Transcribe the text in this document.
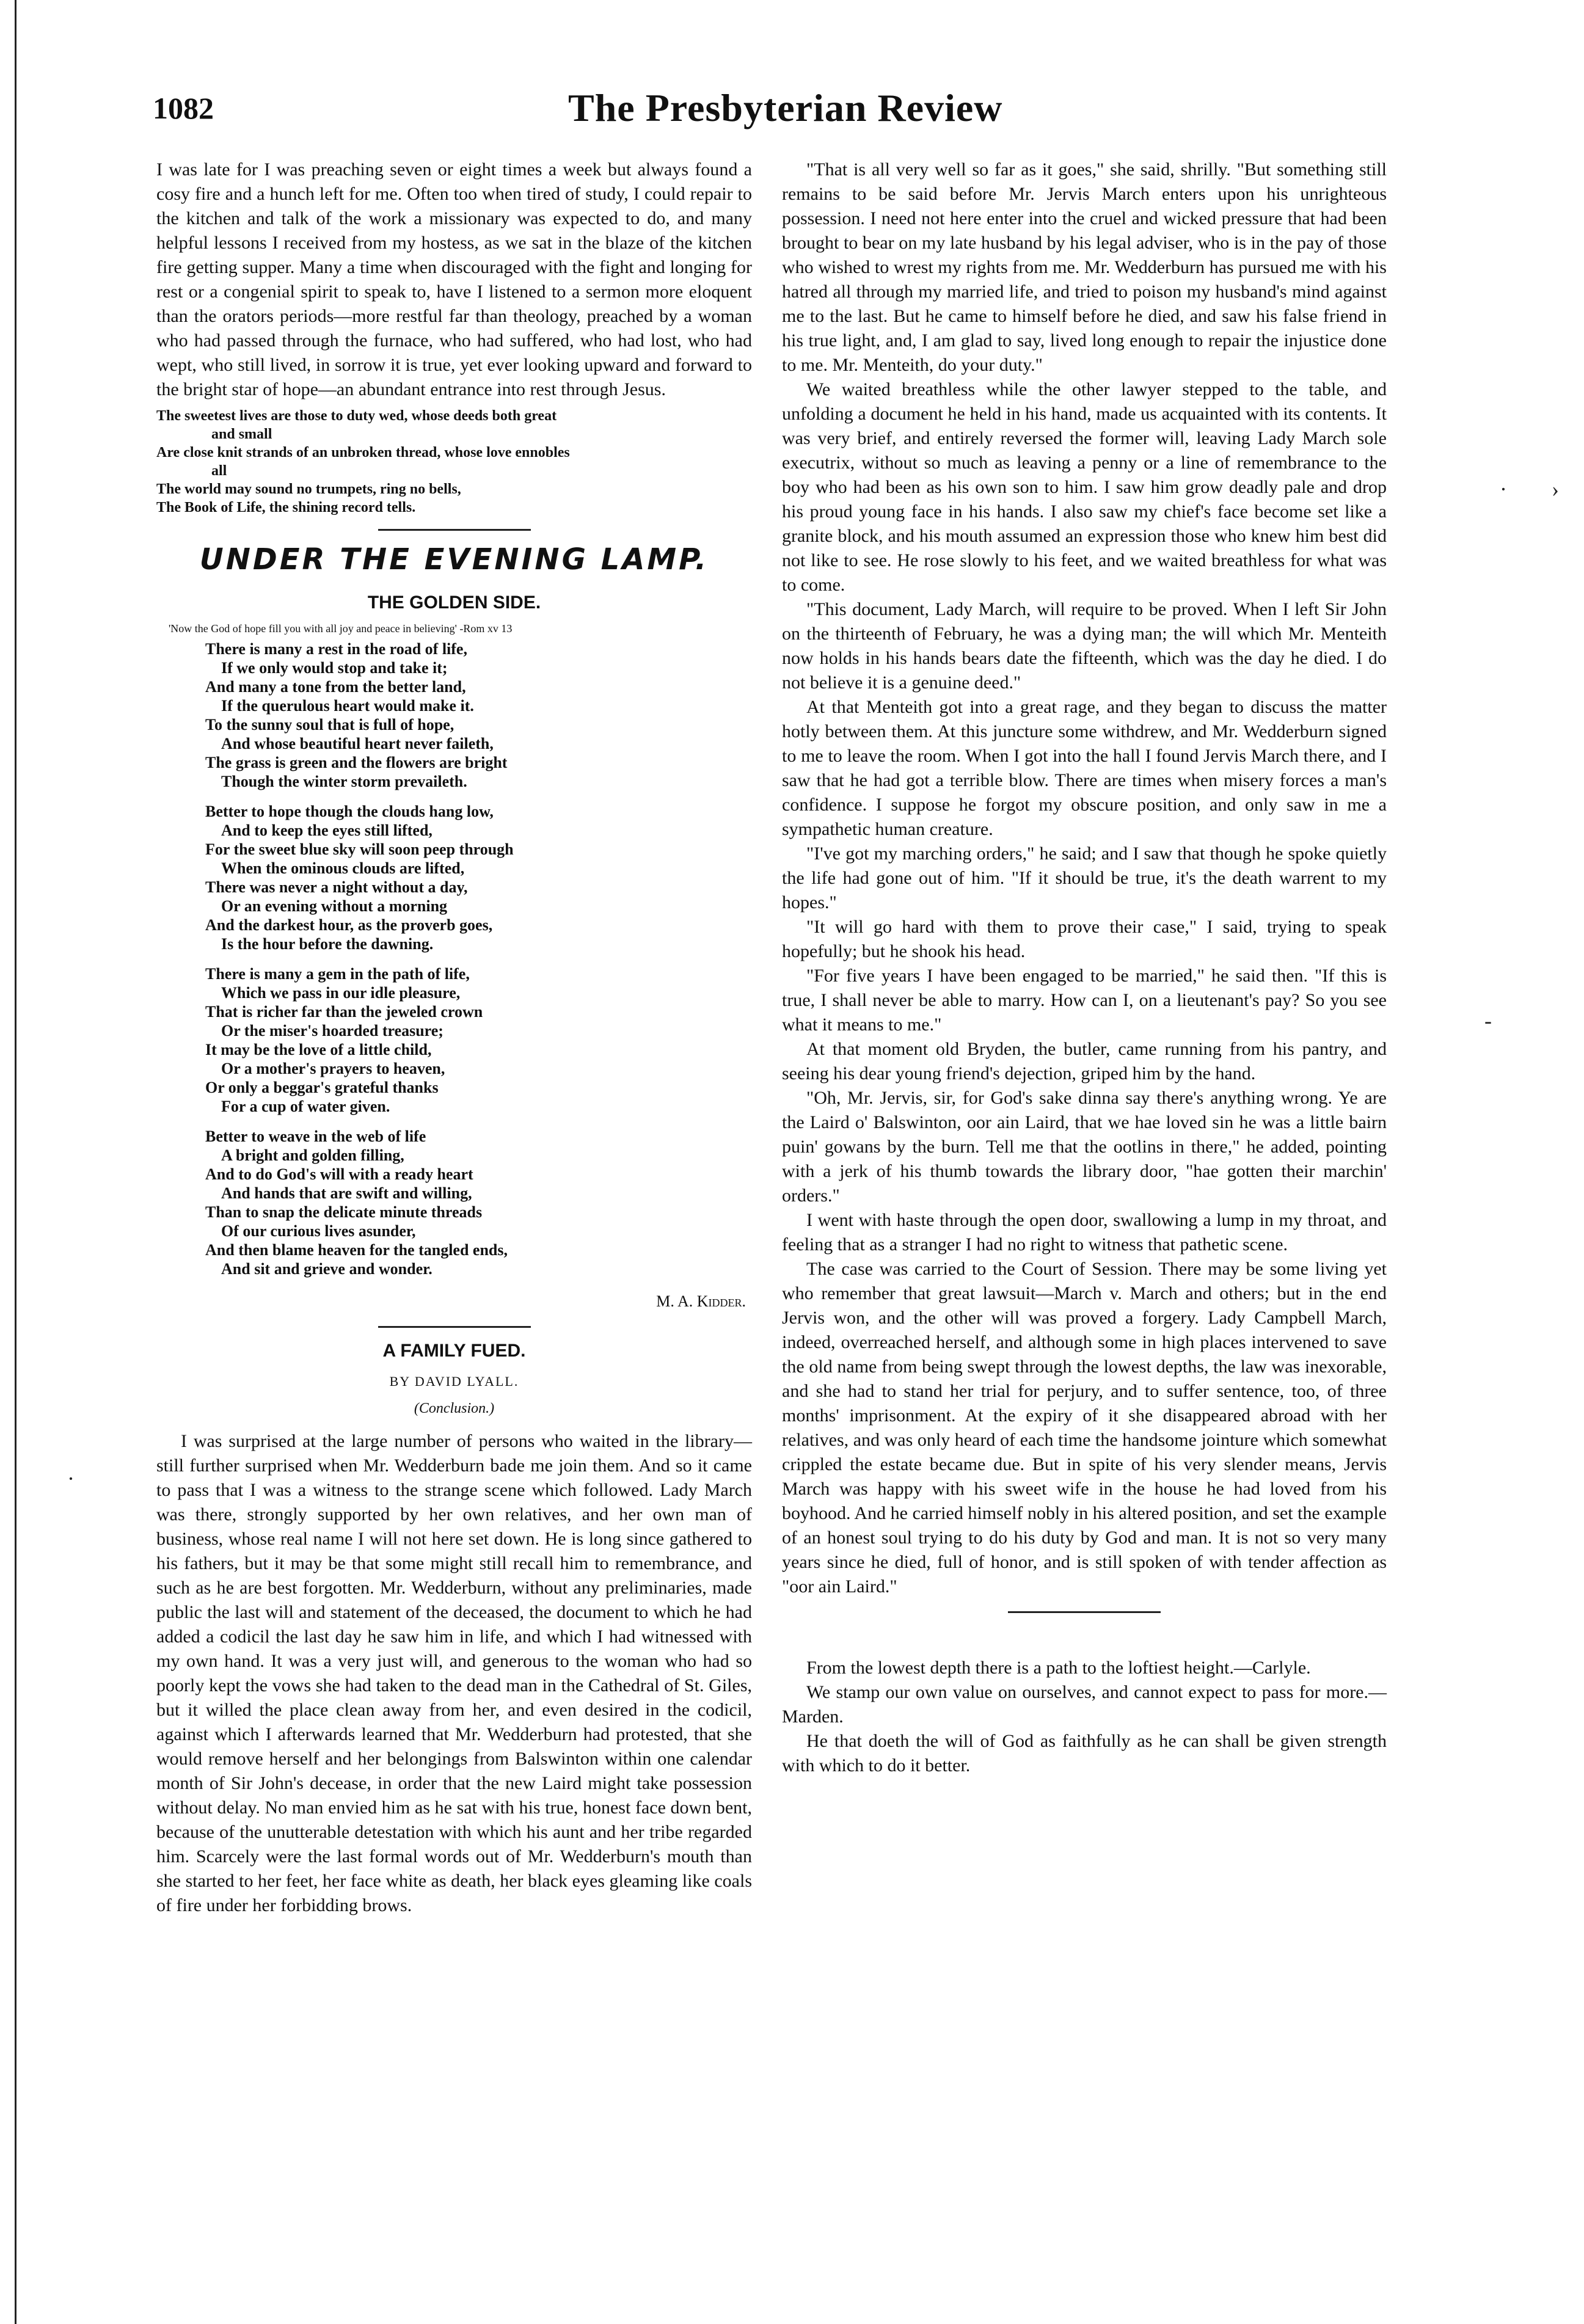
1082	The Presbyterian Review

I was late for I was preaching seven or eight times a week but always found a cosy fire and a hunch left for me. Often too when tired of study, I could repair to the kitchen and talk of the work a missionary was expected to do, and many helpful lessons I received from my hostess, as we sat in the blaze of the kitchen fire getting supper. Many a time when discouraged with the fight and longing for rest or a congenial spirit to speak to, have I listened to a sermon more eloquent than the orators periods—more restful far than theology, preached by a woman who had passed through the furnace, who had suffered, who had lost, who had wept, who still lived, in sorrow it is true, yet ever looking upward and forward to the bright star of hope—an abundant entrance into rest through Jesus.

The sweetest lives are those to duty wed, whose deeds both great
and small
Are close knit strands of an unbroken thread, whose love ennobles
all
The world may sound no trumpets, ring no bells,
The Book of Life, the shining record tells.
UNDER THE EVENING LAMP.
THE GOLDEN SIDE.
'Now the God of hope fill you with all joy and peace in believing' -Rom xv 13
There is many a rest in the road of life,
If we only would stop and take it;
And many a tone from the better land,
If the querulous heart would make it.
To the sunny soul that is full of hope,
And whose beautiful heart never faileth,
The grass is green and the flowers are bright
Though the winter storm prevaileth.
Better to hope though the clouds hang low,
And to keep the eyes still lifted,
For the sweet blue sky will soon peep through
When the ominous clouds are lifted,
There was never a night without a day,
Or an evening without a morning
And the darkest hour, as the proverb goes,
Is the hour before the dawning.
There is many a gem in the path of life,
Which we pass in our idle pleasure,
That is richer far than the jeweled crown
Or the miser's hoarded treasure;
It may be the love of a little child,
Or a mother's prayers to heaven,
Or only a beggar's grateful thanks
For a cup of water given.
Better to weave in the web of life
A bright and golden filling,
And to do God's will with a ready heart
And hands that are swift and willing,
Than to snap the delicate minute threads
Of our curious lives asunder,
And then blame heaven for the tangled ends,
And sit and grieve and wonder.
M. A. Kidder.
A FAMILY FUED.
BY DAVID LYALL.
(Conclusion.)

I was surprised at the large number of persons who waited in the library—still further surprised when Mr. Wedderburn bade me join them. And so it came to pass that I was a witness to the strange scene which followed. Lady March was there, strongly supported by her own relatives, and her own man of business, whose real name I will not here set down. He is long since gathered to his fathers, but it may be that some might still recall him to remembrance, and such as he are best forgotten. Mr. Wedderburn, without any preliminaries, made public the last will and statement of the deceased, the document to which he had added a codicil the last day he saw him in life, and which I had witnessed with my own hand. It was a very just will, and generous to the woman who had so poorly kept the vows she had taken to the dead man in the Cathedral of St. Giles, but it willed the place clean away from her, and even desired in the codicil, against which I afterwards learned that Mr. Wedderburn had protested, that she would remove herself and her belongings from Balswinton within one calendar month of Sir John's decease, in order that the new Laird might take possession without delay. No man envied him as he sat with his true, honest face down bent, because of the unutterable detestation with which his aunt and her tribe regarded him. Scarcely were the last formal words out of Mr. Wedderburn's mouth than she started to her feet, her face white as death, her black eyes gleaming like coals of fire under her forbidding brows.

"That is all very well so far as it goes," she said, shrilly. "But something still remains to be said before Mr. Jervis March enters upon his unrighteous possession. I need not here enter into the cruel and wicked pressure that had been brought to bear on my late husband by his legal adviser, who is in the pay of those who wished to wrest my rights from me. Mr. Wedderburn has pursued me with his hatred all through my married life, and tried to poison my husband's mind against me to the last. But he came to himself before he died, and saw his false friend in his true light, and, I am glad to say, lived long enough to repair the injustice done to me. Mr. Menteith, do your duty."

We waited breathless while the other lawyer stepped to the table, and unfolding a document he held in his hand, made us acquainted with its contents. It was very brief, and entirely reversed the former will, leaving Lady March sole executrix, without so much as leaving a penny or a line of remembrance to the boy who had been as his own son to him. I saw him grow deadly pale and drop his proud young face in his hands. I also saw my chief's face become set like a granite block, and his mouth assumed an expression those who knew him best did not like to see. He rose slowly to his feet, and we waited breathless for what was to come.

"This document, Lady March, will require to be proved. When I left Sir John on the thirteenth of February, he was a dying man; the will which Mr. Menteith now holds in his hands bears date the fifteenth, which was the day he died. I do not believe it is a genuine deed."

At that Menteith got into a great rage, and they began to discuss the matter hotly between them. At this juncture some withdrew, and Mr. Wedderburn signed to me to leave the room. When I got into the hall I found Jervis March there, and I saw that he had got a terrible blow. There are times when misery forces a man's confidence. I suppose he forgot my obscure position, and only saw in me a sympathetic human creature.

"I've got my marching orders," he said; and I saw that though he spoke quietly the life had gone out of him. "If it should be true, it's the death warrent to my hopes."

"It will go hard with them to prove their case," I said, trying to speak hopefully; but he shook his head.

"For five years I have been engaged to be married," he said then. "If this is true, I shall never be able to marry. How can I, on a lieutenant's pay? So you see what it means to me."

At that moment old Bryden, the butler, came running from his pantry, and seeing his dear young friend's dejection, griped him by the hand.

"Oh, Mr. Jervis, sir, for God's sake dinna say there's anything wrong. Ye are the Laird o' Balswinton, oor ain Laird, that we hae loved sin he was a little bairn puin' gowans by the burn. Tell me that the ootlins in there," he added, pointing with a jerk of his thumb towards the library door, "hae gotten their marchin' orders."

I went with haste through the open door, swallowing a lump in my throat, and feeling that as a stranger I had no right to witness that pathetic scene.

The case was carried to the Court of Session. There may be some living yet who remember that great lawsuit—March v. March and others; but in the end Jervis won, and the other will was proved a forgery. Lady Campbell March, indeed, overreached herself, and although some in high places intervened to save the old name from being swept through the lowest depths, the law was inexorable, and she had to stand her trial for perjury, and to suffer sentence, too, of three months' imprisonment. At the expiry of it she disappeared abroad with her relatives, and was only heard of each time the handsome jointure which somewhat crippled the estate became due. But in spite of his very slender means, Jervis March was happy with his sweet wife in the house he had loved from his boyhood. And he carried himself nobly in his altered position, and set the example of an honest soul trying to do his duty by God and man. It is not so very many years since he died, full of honor, and is still spoken of with tender affection as "oor ain Laird."

From the lowest depth there is a path to the loftiest height.—Carlyle.

We stamp our own value on ourselves, and cannot expect to pass for more.—Marden.

He that doeth the will of God as faithfully as he can shall be given strength with which to do it better.

· ›
-
·
